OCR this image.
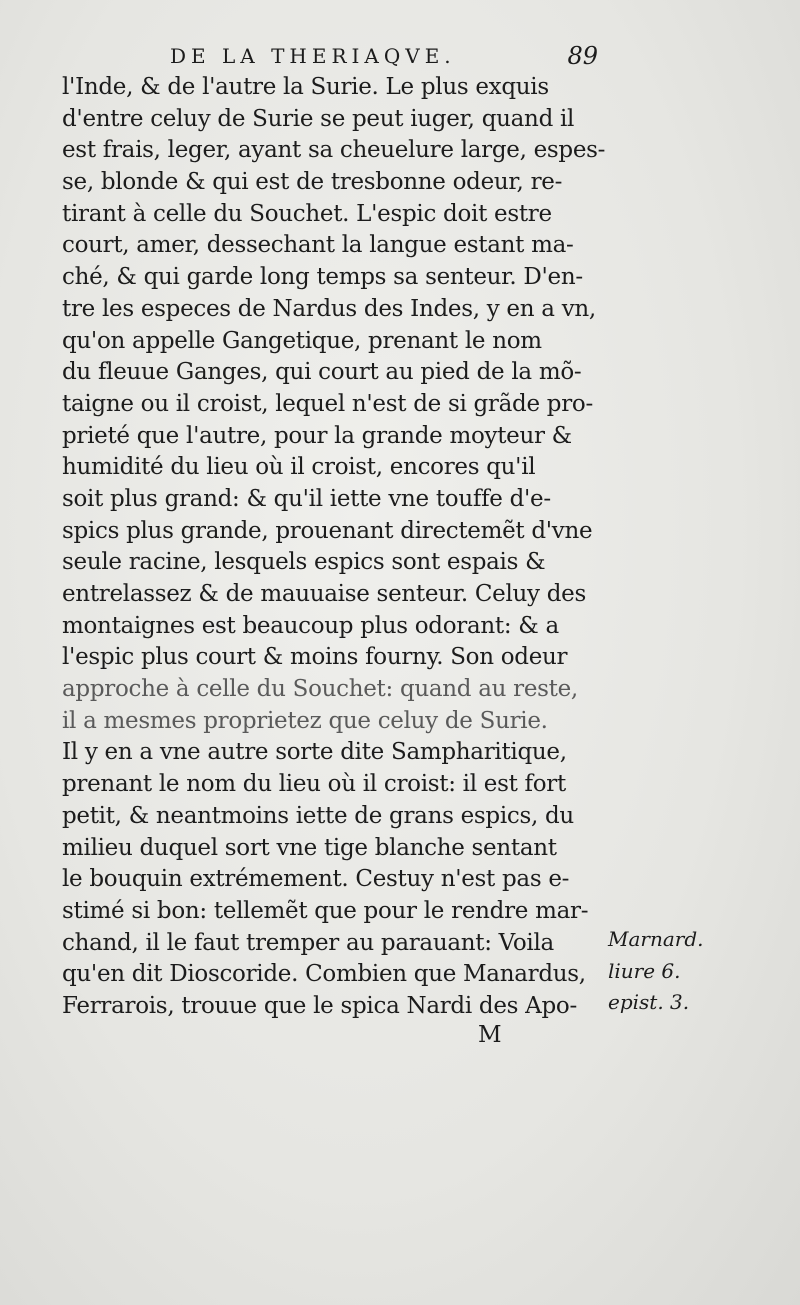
DE LA THERIAQVE.	89
l'Inde, & de l'autre la Surie. Le plus exquis
d'entre celuy de Surie se peut iuger, quand il
est frais, leger, ayant sa cheuelure large, espes-
se, blonde & qui est de tresbonne odeur, re-
tirant à celle du Souchet. L'espic doit estre
court, amer, dessechant la langue estant ma-
ché, & qui garde long temps sa senteur. D'en-
tre les especes de Nardus des Indes, y en a vn,
qu'on appelle Gangetique, prenant le nom
du fleuue Ganges, qui court au pied de la mõ-
taigne ou il croist, lequel n'est de si grãde pro-
prieté que l'autre, pour la grande moyteur &
humidité du lieu où il croist, encores qu'il
soit plus grand: & qu'il iette vne touffe d'e-
spics plus grande, prouenant directemẽt d'vne
seule racine, lesquels espics sont espais &
entrelassez & de mauuaise senteur. Celuy des
montaignes est beaucoup plus odorant: & a
l'espic plus court & moins fourny. Son odeur
approche à celle du Souchet: quand au reste,
il a mesmes proprietez que celuy de Surie.
Il y en a vne autre sorte dite Sampharitique,
prenant le nom du lieu où il croist: il est fort
petit, & neantmoins iette de grans espics, du
milieu duquel sort vne tige blanche sentant
le bouquin extrémement. Cestuy n'est pas e-
stimé si bon: tellemẽt que pour le rendre mar-
chand, il le faut tremper au parauant: Voila
qu'en dit Dioscoride. Combien que Manardus,
Ferrarois, trouue que le spica Nardi des Apo-
Marnard.
liure 6.
epist. 3.
M
